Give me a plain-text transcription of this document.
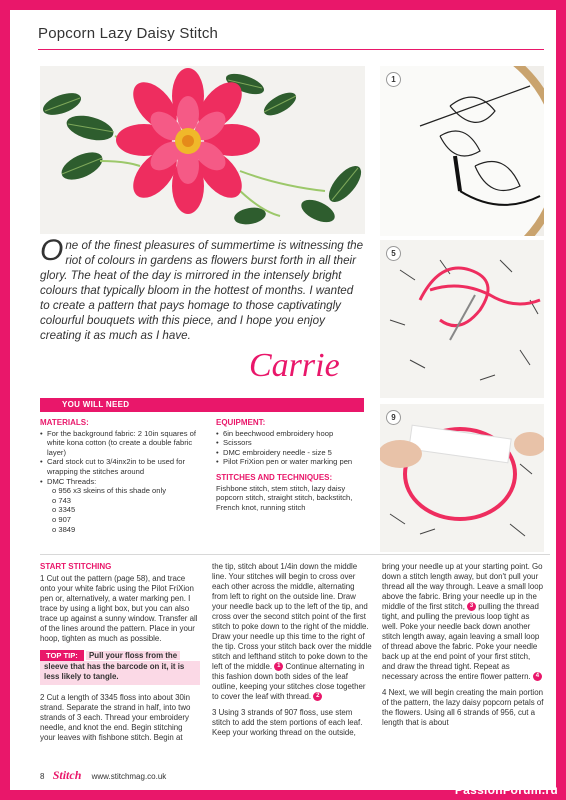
Popcorn Lazy Daisy Stitch
1
5
9
One of the finest pleasures of summertime is witnessing the riot of colours in gardens as flowers burst forth in all their glory. The heat of the day is mirrored in the intensely bright colours that typically bloom in the hottest of months. I wanted to create a pattern that pays homage to those captivatingly colourful bouquets with this piece, and I hope you enjoy creating it as much as I have.
Carrie
YOU WILL NEED
MATERIALS:
• For the background fabric: 2 10in squares of white kona cotton (to create a double fabric layer)
• Card stock cut to 3/4inx2in to be used for wrapping the stitches around
• DMC Threads:
o 956 x3 skeins of this shade only
o 743
o 3345
o 907
o 3849
EQUIPMENT:
• 6in beechwood embroidery hoop
• Scissors
• DMC embroidery needle - size 5
• Pilot FriXion pen or water marking pen
STITCHES AND TECHNIQUES:
Fishbone stitch, stem stitch, lazy daisy popcorn stitch, straight stitch, backstitch, French knot, running stitch
START STITCHING

1 Cut out the pattern (page 58), and trace onto your white fabric using the Pilot FriXion pen or, alternatively, a water marking pen. I trace by using a light box, but you can also trace up against a sunny window. Transfer all of the lines around the pattern. Place in your hoop, tighten as much as possible.

TOP TIP: Pull your floss from the
sleeve that has the barcode on it, it is less likely to tangle.

2 Cut a length of 3345 floss into about 30in strand. Separate the strand in half, into two strands of 3 each. Thread your embroidery needle, and knot the end. Begin stitching your leaves with fishbone stitch. Begin at

the tip, stitch about 1/4in down the middle line. Your stitches will begin to cross over each other across the middle, alternating from left to right on the outside line. Draw your needle back up to the left of the tip, and cross over the second stitch point of the first stitch to poke down to the right of the middle. Draw your needle up this time to the right of the tip. Cross your stitch back over the middle stitch and lefthand stitch to poke down to the left of the middle. 1 Continue alternating in this fashion down both sides of the leaf outline, keeping your stitches close together to cover the leaf with thread. 2

3 Using 3 strands of 907 floss, use stem stitch to add the stem portions of each leaf. Keep your working thread on the outside,

bring your needle up at your starting point. Go down a stitch length away, but don't pull your thread all the way through. Leave a small loop above the fabric. Bring your needle up in the middle of the first stitch, 3 pulling the thread tight, and pulling the previous loop tight as well. Poke your needle back down another stitch length away, again leaving a small loop of thread above the fabric. Poke your needle back up at the end point of your first stitch, and draw the thread tight. Repeat as necessary across the entire flower pattern. 4

4 Next, we will begin creating the main portion of the pattern, the lazy daisy popcorn petals of the flowers. Using all 6 strands of 956, cut a length that is about

8 Stitch www.stitchmag.co.uk
PassionForum.ru
